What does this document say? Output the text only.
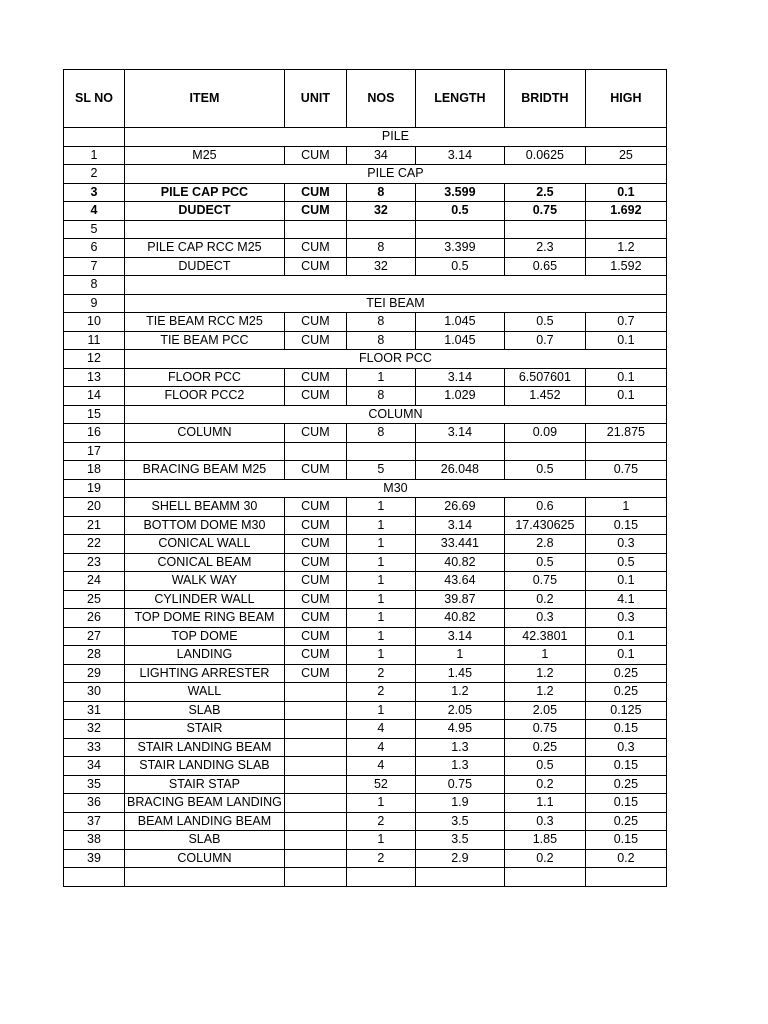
SL NO	ITEM	UNIT	NOS	LENGTH	BRIDTH	HIGH
	PILE					
1	M25	CUM	34	3.14	0.0625	25
2	PILE CAP					
3	PILE CAP PCC	CUM	8	3.599	2.5	0.1
4	DUDECT	CUM	32	0.5	0.75	1.692
5						
6	PILE CAP RCC M25	CUM	8	3.399	2.3	1.2
7	DUDECT	CUM	32	0.5	0.65	1.592
8						
9	TEI BEAM					
10	TIE BEAM RCC M25	CUM	8	1.045	0.5	0.7
11	TIE BEAM PCC	CUM	8	1.045	0.7	0.1
12	FLOOR PCC					
13	FLOOR PCC	CUM	1	3.14	6.507601	0.1
14	FLOOR PCC2	CUM	8	1.029	1.452	0.1
15	COLUMN					
16	COLUMN	CUM	8	3.14	0.09	21.875
17						
18	BRACING BEAM M25	CUM	5	26.048	0.5	0.75
19	M30					
20	SHELL BEAMM 30	CUM	1	26.69	0.6	1
21	BOTTOM DOME M30	CUM	1	3.14	17.430625	0.15
22	CONICAL WALL	CUM	1	33.441	2.8	0.3
23	CONICAL BEAM	CUM	1	40.82	0.5	0.5
24	WALK WAY	CUM	1	43.64	0.75	0.1
25	CYLINDER WALL	CUM	1	39.87	0.2	4.1
26	TOP DOME RING BEAM	CUM	1	40.82	0.3	0.3
27	TOP DOME	CUM	1	3.14	42.3801	0.1
28	LANDING	CUM	1	1	1	0.1
29	LIGHTING ARRESTER	CUM	2	1.45	1.2	0.25
30	WALL		2	1.2	1.2	0.25
31	SLAB		1	2.05	2.05	0.125
32	STAIR		4	4.95	0.75	0.15
33	STAIR LANDING BEAM		4	1.3	0.25	0.3
34	STAIR LANDING SLAB		4	1.3	0.5	0.15
35	STAIR STAP		52	0.75	0.2	0.25
36	BRACING BEAM LANDING		1	1.9	1.1	0.15
37	BEAM LANDING BEAM		2	3.5	0.3	0.25
38	SLAB		1	3.5	1.85	0.15
39	COLUMN		2	2.9	0.2	0.2
